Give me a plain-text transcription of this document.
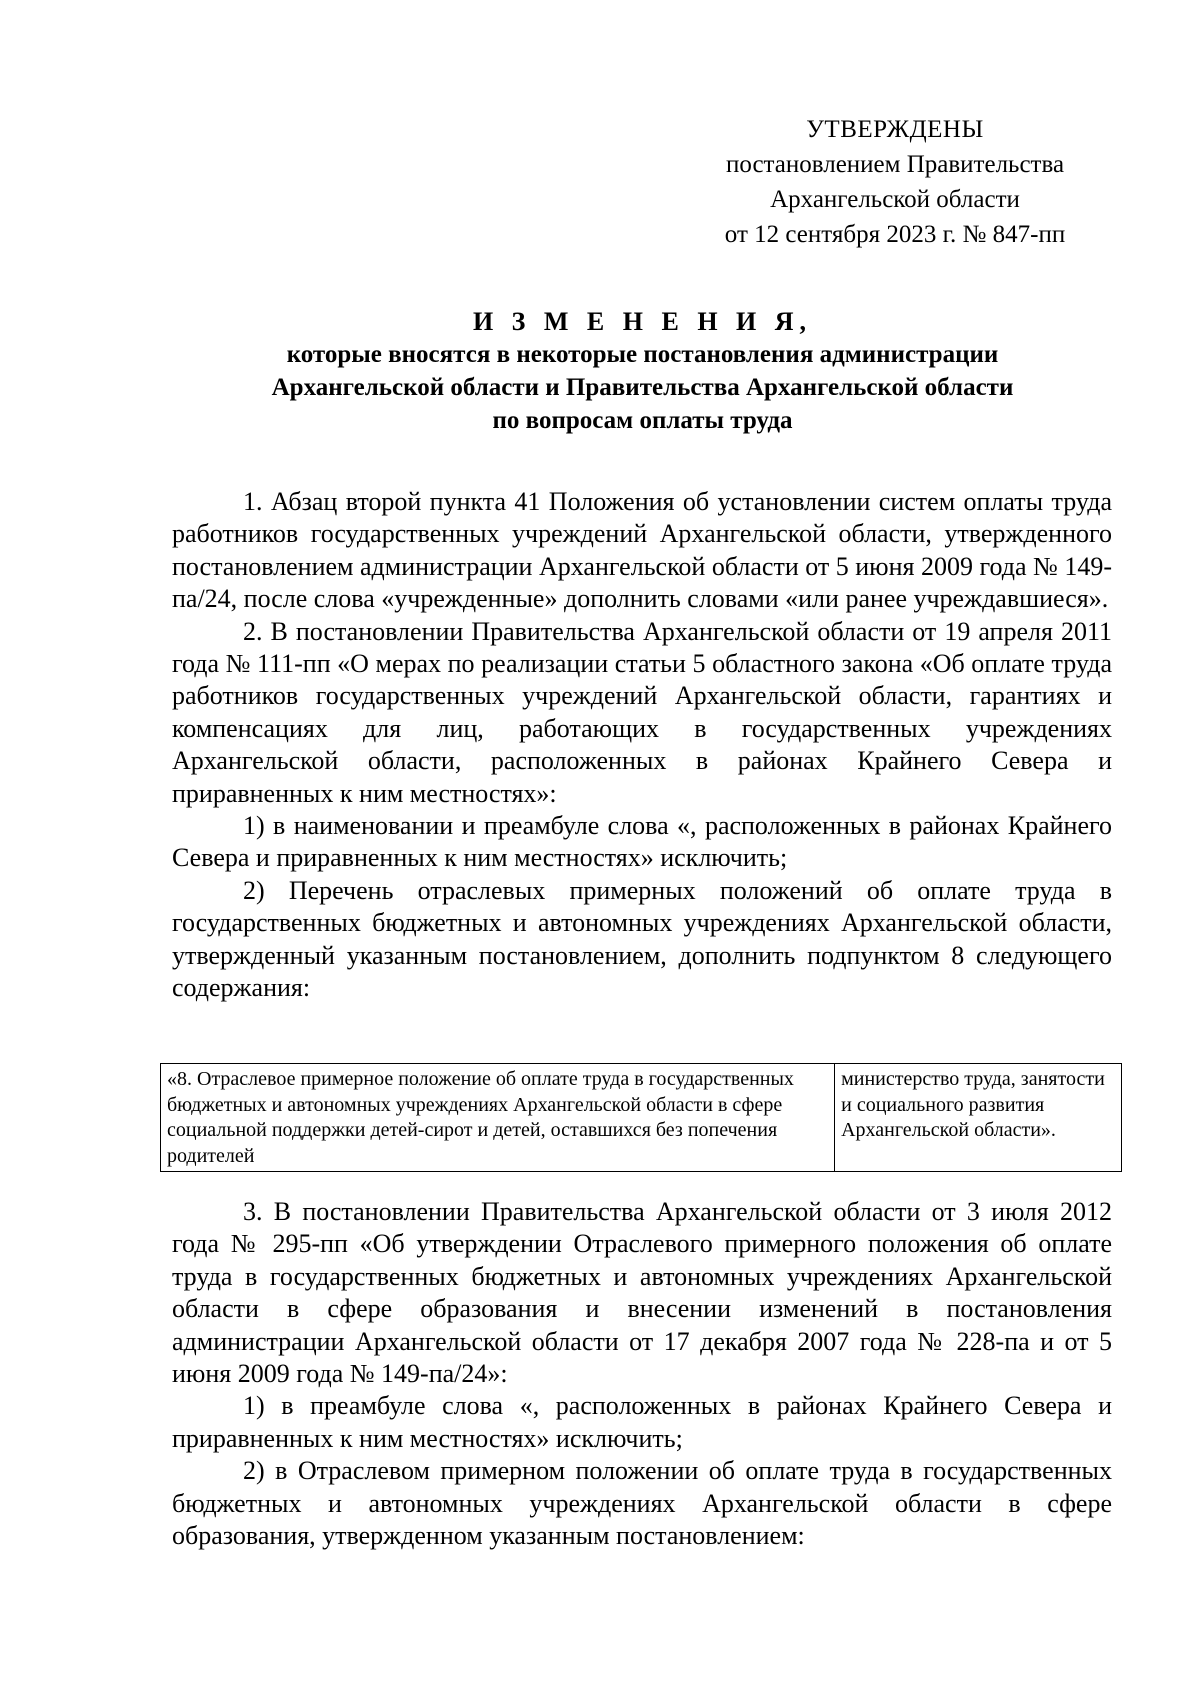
УТВЕРЖДЕНЫ
постановлением Правительства
Архангельской области
от 12 сентября 2023 г. № 847-пп
И З М Е Н Е Н И Я,
которые вносятся в некоторые постановления администрации
Архангельской области и Правительства Архангельской области
по вопросам оплаты труда

1. Абзац второй пункта 41 Положения об установлении систем оплаты труда работников государственных учреждений Архангельской области, утвержденного постановлением администрации Архангельской области от 5 июня 2009 года № 149-па/24, после слова «учрежденные» дополнить словами «или ранее учреждавшиеся».

2. В постановлении Правительства Архангельской области от 19 апреля 2011 года № 111-пп «О мерах по реализации статьи 5 областного закона «Об оплате труда работников государственных учреждений Архангельской области, гарантиях и компенсациях для лиц, работающих в государственных учреждениях Архангельской области, расположенных в районах Крайнего Севера и приравненных к ним местностях»:

1) в наименовании и преамбуле слова «, расположенных в районах Крайнего Севера и приравненных к ним местностях» исключить;

2) Перечень отраслевых примерных положений об оплате труда в государственных бюджетных и автономных учреждениях Архангельской области, утвержденный указанным постановлением, дополнить подпунктом 8 следующего содержания:

«8. Отраслевое примерное положение об оплате труда в государственных бюджетных и автономных учреждениях Архангельской области в сфере социальной поддержки детей-сирот и детей, оставшихся без попечения родителей	министерство труда, занятости и социального развития Архангельской области».

3. В постановлении Правительства Архангельской области от 3 июля 2012 года № 295-пп «Об утверждении Отраслевого примерного положения об оплате труда в государственных бюджетных и автономных учреждениях Архангельской области в сфере образования и внесении изменений в постановления администрации Архангельской области от 17 декабря 2007 года № 228-па и от 5 июня 2009 года № 149-па/24»:

1) в преамбуле слова «, расположенных в районах Крайнего Севера и приравненных к ним местностях» исключить;

2) в Отраслевом примерном положении об оплате труда в государственных бюджетных и автономных учреждениях Архангельской области в сфере образования, утвержденном указанным постановлением:
